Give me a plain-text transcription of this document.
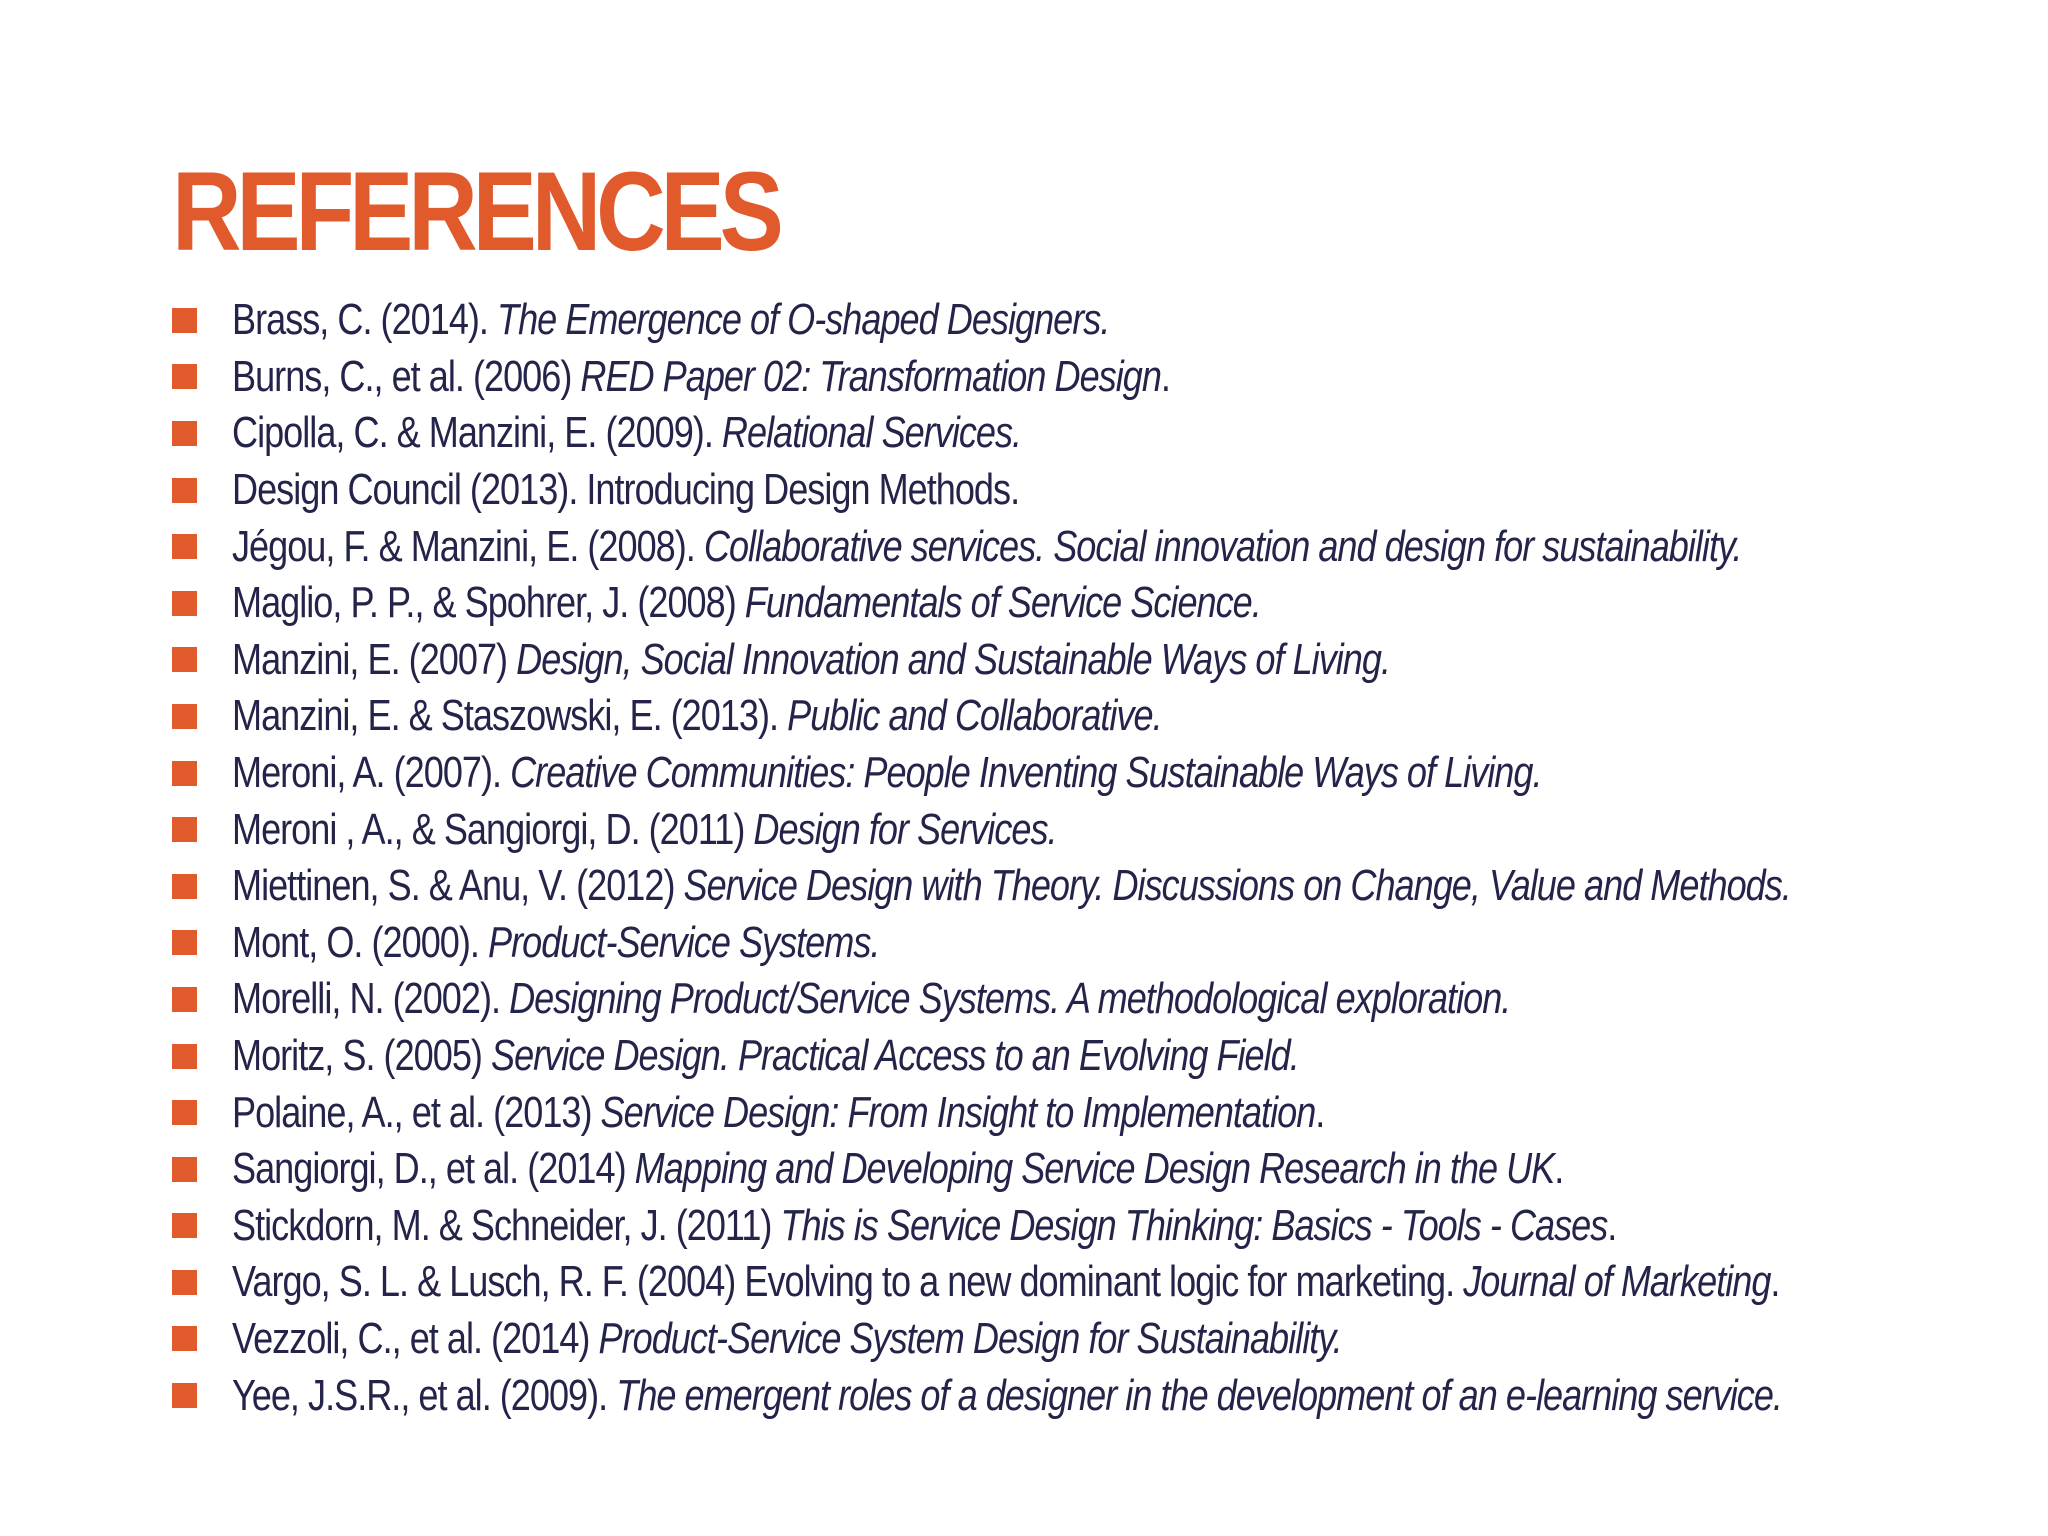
REFERENCES
Brass, C. (2014). The Emergence of O-shaped Designers.
Burns, C., et al. (2006) RED Paper 02: Transformation Design.
Cipolla, C. & Manzini, E. (2009). Relational Services.
Design Council (2013). Introducing Design Methods.
Jégou, F. & Manzini, E. (2008). Collaborative services. Social innovation and design for sustainability.
Maglio, P. P., & Spohrer, J. (2008) Fundamentals of Service Science.
Manzini, E. (2007) Design, Social Innovation and Sustainable Ways of Living.
Manzini, E. & Staszowski, E. (2013). Public and Collaborative.
Meroni, A. (2007). Creative Communities: People Inventing Sustainable Ways of Living.
Meroni , A., & Sangiorgi, D. (2011) Design for Services.
Miettinen, S. & Anu, V. (2012) Service Design with Theory. Discussions on Change, Value and Methods.
Mont, O. (2000). Product-Service Systems.
Morelli, N. (2002). Designing Product/Service Systems. A methodological exploration.
Moritz, S. (2005) Service Design. Practical Access to an Evolving Field.
Polaine, A., et al. (2013) Service Design: From Insight to Implementation.
Sangiorgi, D., et al. (2014) Mapping and Developing Service Design Research in the UK.
Stickdorn, M. & Schneider, J. (2011) This is Service Design Thinking: Basics - Tools - Cases.
Vargo, S. L. & Lusch, R. F. (2004) Evolving to a new dominant logic for marketing. Journal of Marketing.
Vezzoli, C., et al. (2014) Product-Service System Design for Sustainability.
Yee, J.S.R., et al. (2009). The emergent roles of a designer in the development of an e-learning service.
